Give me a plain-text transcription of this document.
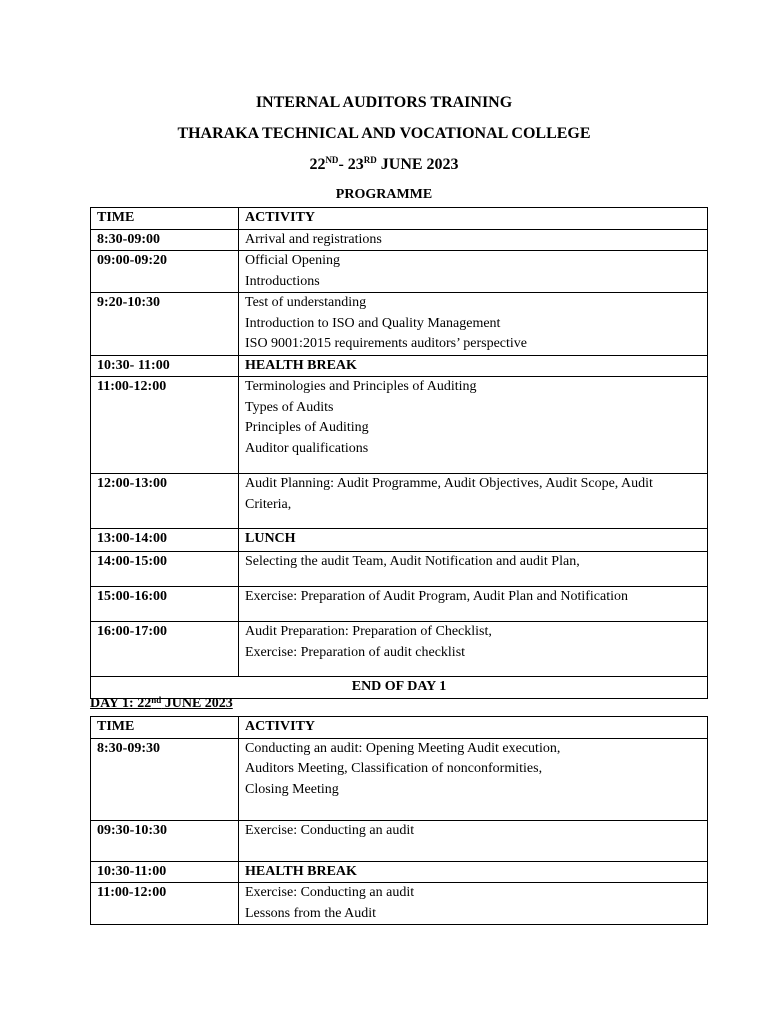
INTERNAL AUDITORS TRAINING
THARAKA TECHNICAL AND VOCATIONAL COLLEGE
22ND- 23RD JUNE 2023
PROGRAMME
TIME	ACTIVITY
8:30-09:00	Arrival and registrations

09:00-09:20	Official Opening
Introductions

9:20-10:30	Test of understanding
Introduction to ISO and Quality Management
ISO 9001:2015 requirements auditors’ perspective

10:30- 11:00	HEALTH BREAK

11:00-12:00	Terminologies and Principles of Auditing
Types of Audits
Principles of Auditing
Auditor qualifications

12:00-13:00	Audit Planning: Audit Programme, Audit Objectives, Audit Scope, Audit
Criteria,

13:00-14:00	LUNCH

14:00-15:00	Selecting the audit Team, Audit Notification and audit Plan,

15:00-16:00	Exercise: Preparation of Audit Program, Audit Plan and Notification

16:00-17:00	Audit Preparation: Preparation of Checklist,
Exercise: Preparation of audit checklist

END OF DAY 1	
DAY 1: 22nd JUNE 2023
TIME	ACTIVITY
8:30-09:30	Conducting an audit: Opening Meeting Audit execution,
Auditors Meeting, Classification of nonconformities,
Closing Meeting

09:30-10:30	Exercise: Conducting an audit

10:30-11:00	HEALTH BREAK

11:00-12:00	Exercise: Conducting an audit
Lessons from the Audit
